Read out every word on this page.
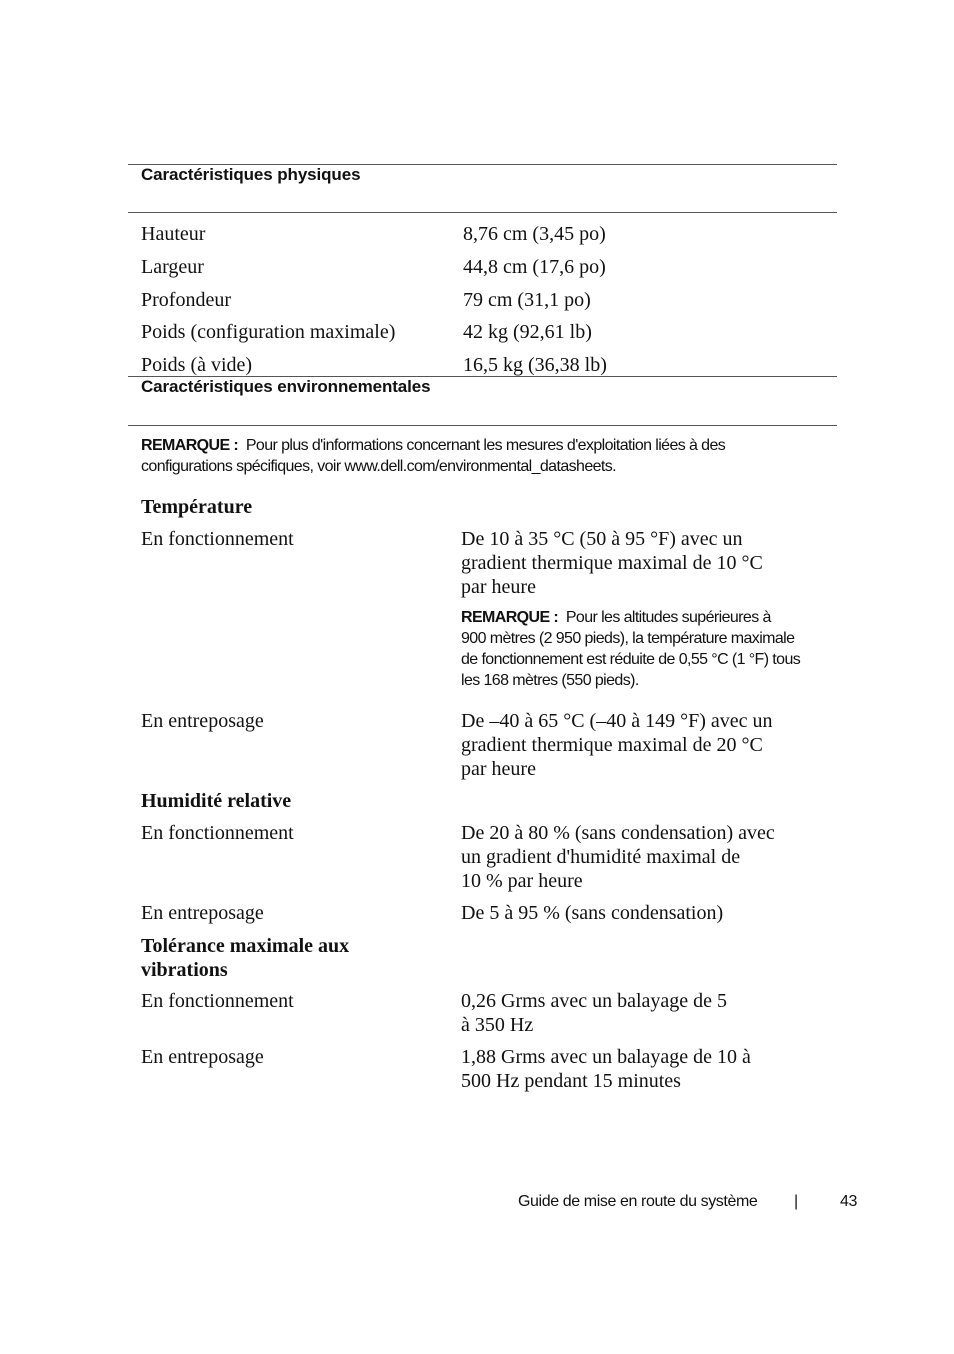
Caractéristiques physiques
Hauteur	8,76 cm (3,45 po)
Largeur	44,8 cm (17,6 po)
Profondeur	79 cm (31,1 po)
Poids (configuration maximale)	42 kg (92,61 lb)
Poids (à vide)	16,5 kg (36,38 lb)
Caractéristiques environnementales
REMARQUE : Pour plus d'informations concernant les mesures d'exploitation liées à des
configurations spécifiques, voir www.dell.com/environmental_datasheets.
Température
En fonctionnement	De 10 à 35 °C (50 à 95 °F) avec un
gradient thermique maximal de 10 °C
par heure
REMARQUE : Pour les altitudes supérieures à
900 mètres (2 950 pieds), la température maximale
de fonctionnement est réduite de 0,55 °C (1 °F) tous
les 168 mètres (550 pieds).
En entreposage	De –40 à 65 °C (–40 à 149 °F) avec un
gradient thermique maximal de 20 °C
par heure
Humidité relative
En fonctionnement	De 20 à 80 % (sans condensation) avec
un gradient d'humidité maximal de
10 % par heure
En entreposage	De 5 à 95 % (sans condensation)
Tolérance maximale aux
vibrations
En fonctionnement	0,26 Grms avec un balayage de 5
à 350 Hz
En entreposage	1,88 Grms avec un balayage de 10 à
500 Hz pendant 15 minutes
Guide de mise en route du système |	43
